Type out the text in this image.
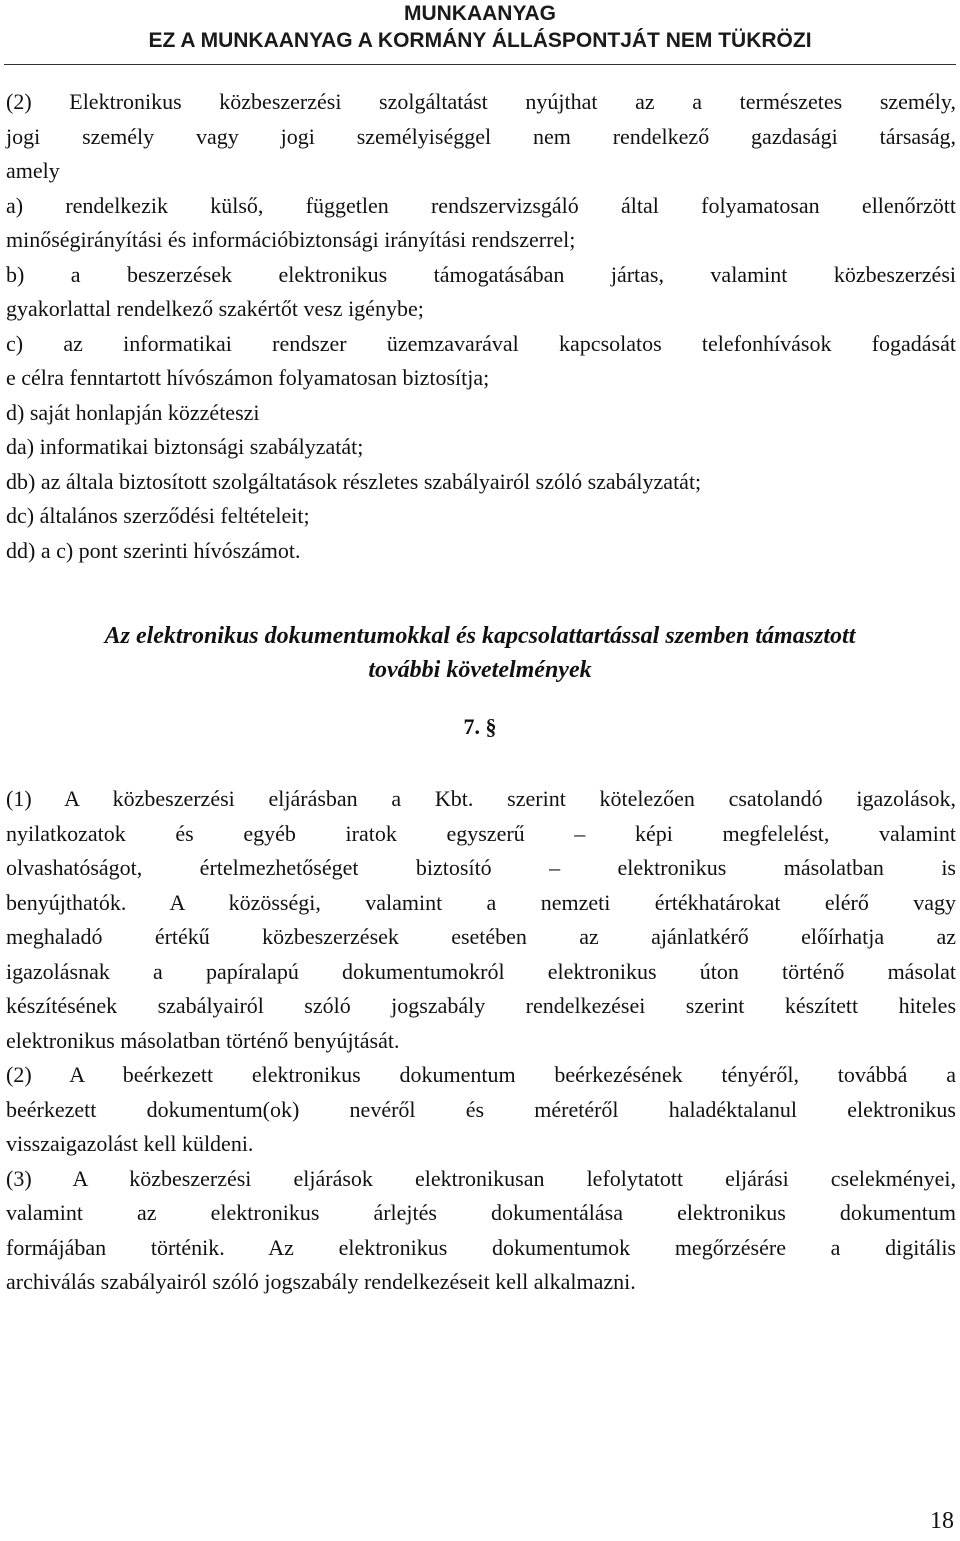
MUNKAANYAG
EZ A MUNKAANYAG A KORMÁNY ÁLLÁSPONTJÁT NEM TÜKRÖZI
(2) Elektronikus közbeszerzési szolgáltatást nyújthat az a természetes személy,
jogi személy vagy jogi személyiséggel nem rendelkező gazdasági társaság,
amely
a) rendelkezik külső, független rendszervizsgáló által folyamatosan ellenőrzött
minőségirányítási és információbiztonsági irányítási rendszerrel;
b) a beszerzések elektronikus támogatásában jártas, valamint közbeszerzési
gyakorlattal rendelkező szakértőt vesz igénybe;
c) az informatikai rendszer üzemzavarával kapcsolatos telefonhívások fogadását
e célra fenntartott hívószámon folyamatosan biztosítja;
d) saját honlapján közzéteszi
da) informatikai biztonsági szabályzatát;
db) az általa biztosított szolgáltatások részletes szabályairól szóló szabályzatát;
dc) általános szerződési feltételeit;
dd) a c) pont szerinti hívószámot.
Az elektronikus dokumentumokkal és kapcsolattartással szemben támasztott
további követelmények
7. §
(1) A közbeszerzési eljárásban a Kbt. szerint kötelezően csatolandó igazolások,
nyilatkozatok és egyéb iratok egyszerű – képi megfelelést, valamint
olvashatóságot, értelmezhetőséget biztosító – elektronikus másolatban is
benyújthatók. A közösségi, valamint a nemzeti értékhatárokat elérő vagy
meghaladó értékű közbeszerzések esetében az ajánlatkérő előírhatja az
igazolásnak a papíralapú dokumentumokról elektronikus úton történő másolat
készítésének szabályairól szóló jogszabály rendelkezései szerint készített hiteles
elektronikus másolatban történő benyújtását.
(2) A beérkezett elektronikus dokumentum beérkezésének tényéről, továbbá a
beérkezett dokumentum(ok) nevéről és méretéről haladéktalanul elektronikus
visszaigazolást kell küldeni.
(3) A közbeszerzési eljárások elektronikusan lefolytatott eljárási cselekményei,
valamint az elektronikus árlejtés dokumentálása elektronikus dokumentum
formájában történik. Az elektronikus dokumentumok megőrzésére a digitális
archiválás szabályairól szóló jogszabály rendelkezéseit kell alkalmazni.
18
